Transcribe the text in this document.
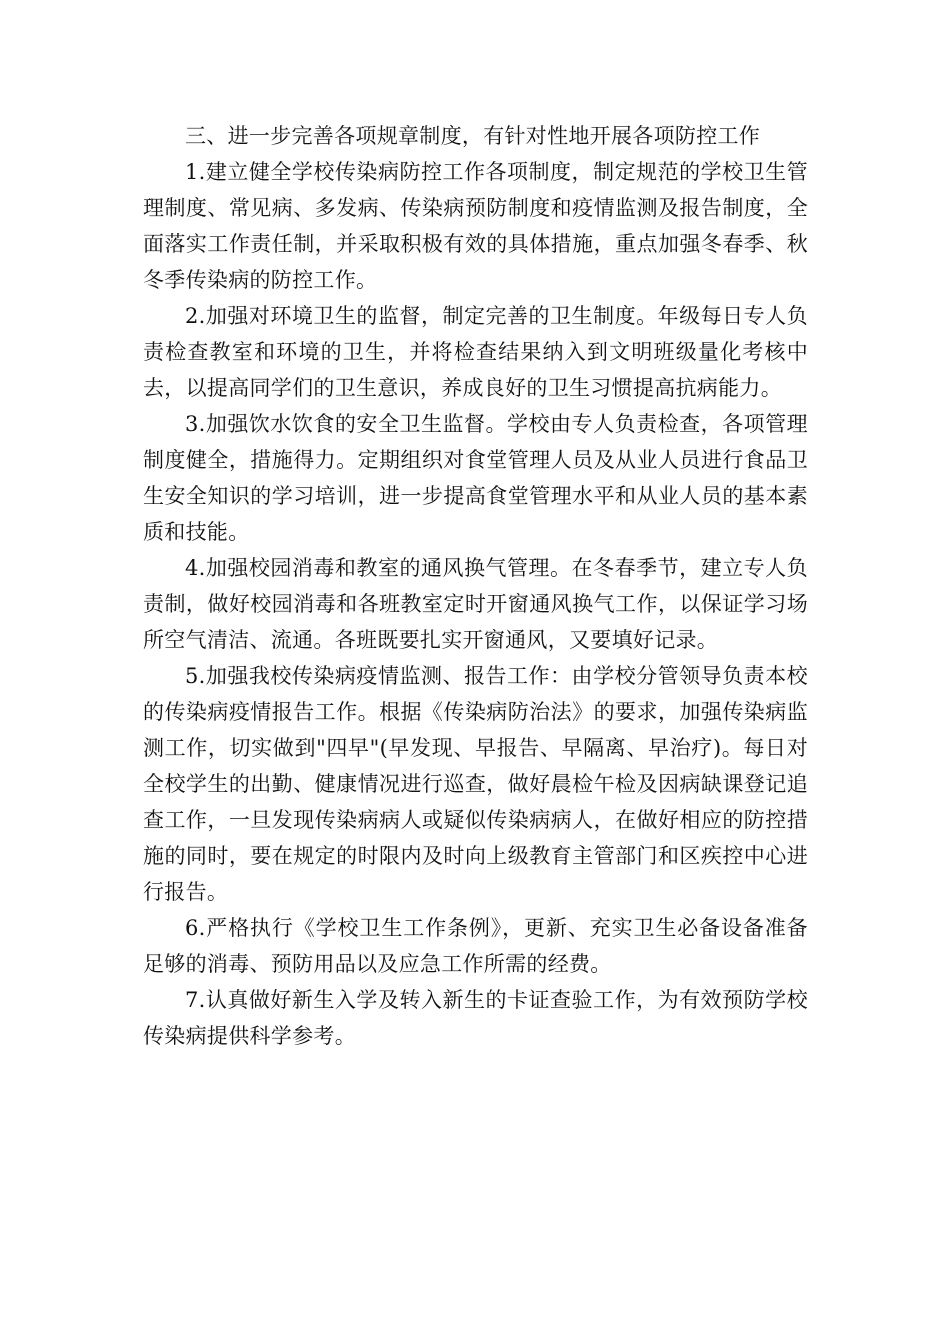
三、进一步完善各项规章制度，有针对性地开展各项防控工作

1.建立健全学校传染病防控工作各项制度，制定规范的学校卫生管理制度、常见病、多发病、传染病预防制度和疫情监测及报告制度，全面落实工作责任制，并采取积极有效的具体措施，重点加强冬春季、秋冬季传染病的防控工作。

2.加强对环境卫生的监督，制定完善的卫生制度。年级每日专人负责检查教室和环境的卫生，并将检查结果纳入到文明班级量化考核中去，以提高同学们的卫生意识，养成良好的卫生习惯提高抗病能力。

3.加强饮水饮食的安全卫生监督。学校由专人负责检查，各项管理制度健全，措施得力。定期组织对食堂管理人员及从业人员进行食品卫生安全知识的学习培训，进一步提高食堂管理水平和从业人员的基本素质和技能。

4.加强校园消毒和教室的通风换气管理。在冬春季节，建立专人负责制，做好校园消毒和各班教室定时开窗通风换气工作，以保证学习场所空气清洁、流通。各班既要扎实开窗通风，又要填好记录。

5.加强我校传染病疫情监测、报告工作：由学校分管领导负责本校的传染病疫情报告工作。根据《传染病防治法》的要求，加强传染病监测工作，切实做到"四早"(早发现、早报告、早隔离、早治疗)。每日对全校学生的出勤、健康情况进行巡查，做好晨检午检及因病缺课登记追查工作，一旦发现传染病病人或疑似传染病病人，在做好相应的防控措施的同时，要在规定的时限内及时向上级教育主管部门和区疾控中心进行报告。

6.严格执行《学校卫生工作条例》，更新、充实卫生必备设备准备足够的消毒、预防用品以及应急工作所需的经费。

7.认真做好新生入学及转入新生的卡证查验工作，为有效预防学校传染病提供科学参考。
